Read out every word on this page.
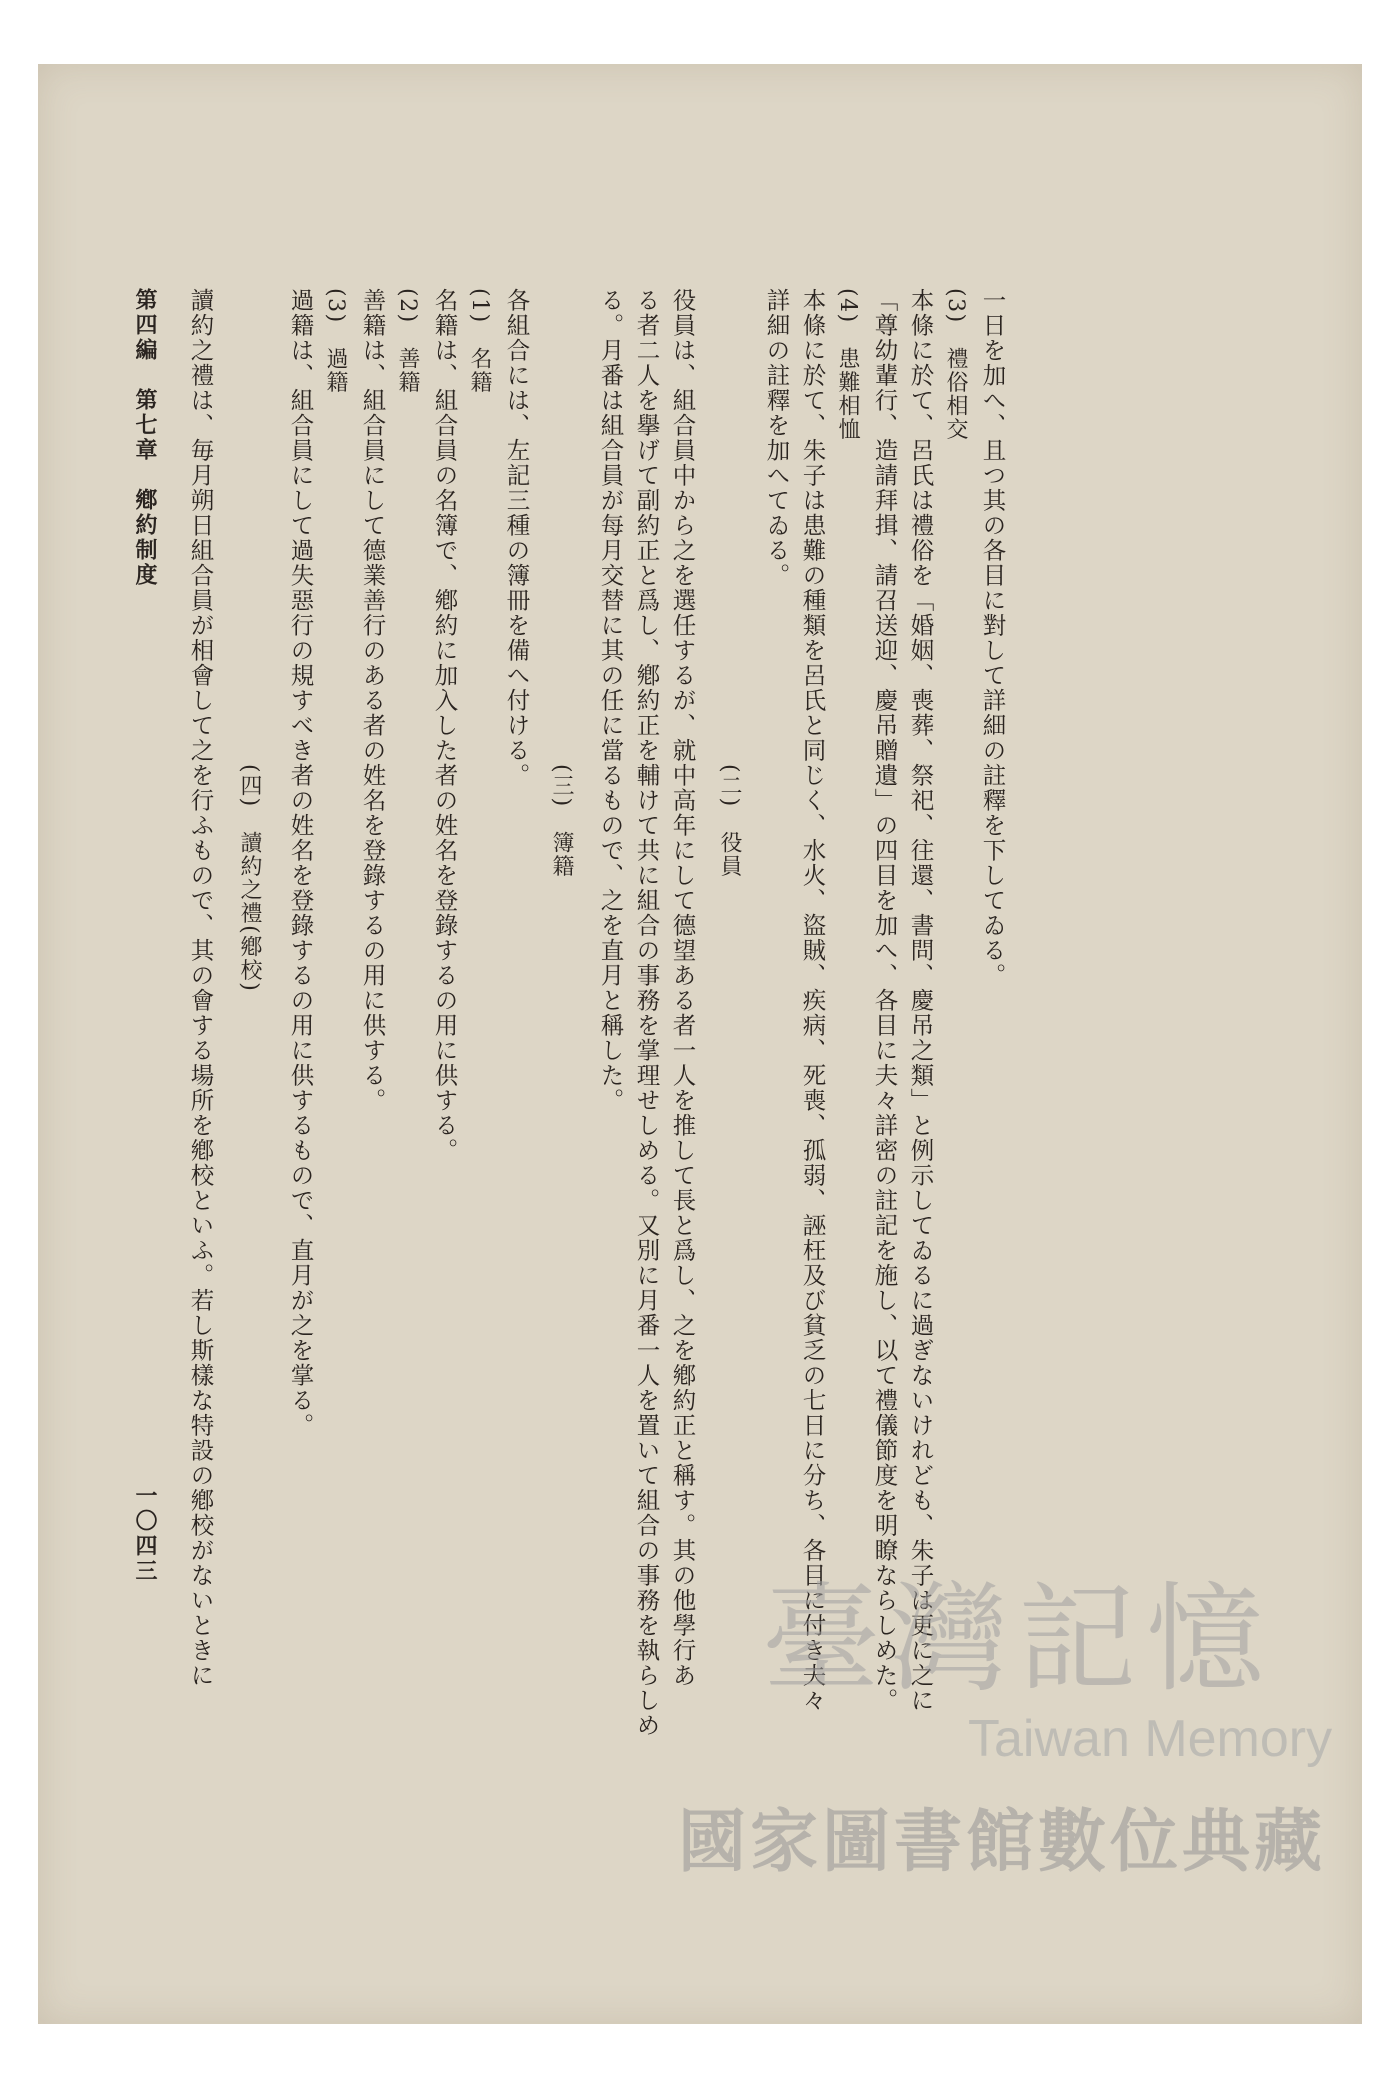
一日を加へ、且つ其の各目に對して詳細の註釋を下してゐる。
(3)　禮俗相交
本條に於て、呂氏は禮俗を「婚姻、喪葬、祭祀、往還、書問、慶吊之類」と例示してゐるに過ぎないけれども、朱子は更に之に
「尊幼輩行、造請拜揖、請召送迎、慶吊贈遺」の四目を加へ、各目に夫々詳密の註記を施し、以て禮儀節度を明瞭ならしめた。
(4)　患難相恤
本條に於て、朱子は患難の種類を呂氏と同じく、水火、盜賊、疾病、死喪、孤弱、誣枉及び貧乏の七日に分ち、各目に付き夫々
詳細の註釋を加へてゐる。
(二)　役員
役員は、組合員中から之を選任するが、就中高年にして德望ある者一人を推して長と爲し、之を鄕約正と稱す。其の他學行あ
る者二人を擧げて副約正と爲し、鄕約正を輔けて共に組合の事務を掌理せしめる。又別に月番一人を置いて組合の事務を執らしめ
る。月番は組合員が每月交替に其の任に當るもので、之を直月と稱した。
(三)　簿籍
各組合には、左記三種の簿冊を備へ付ける。
(1)　名籍
名籍は、組合員の名簿で、鄕約に加入した者の姓名を登錄するの用に供する。
(2)　善籍
善籍は、組合員にして德業善行のある者の姓名を登錄するの用に供する。
(3)　過籍
過籍は、組合員にして過失惡行の規すべき者の姓名を登錄するの用に供するもので、直月が之を掌る。
(四)　讀約之禮(鄕校)
讀約之禮は、毎月朔日組合員が相會して之を行ふもので、其の會する場所を鄕校といふ。若し斯樣な特設の鄕校がないときに
第四編　第七章　鄕約制度
一〇四三
臺灣記憶
Taiwan Memory
國家圖書館數位典藏
